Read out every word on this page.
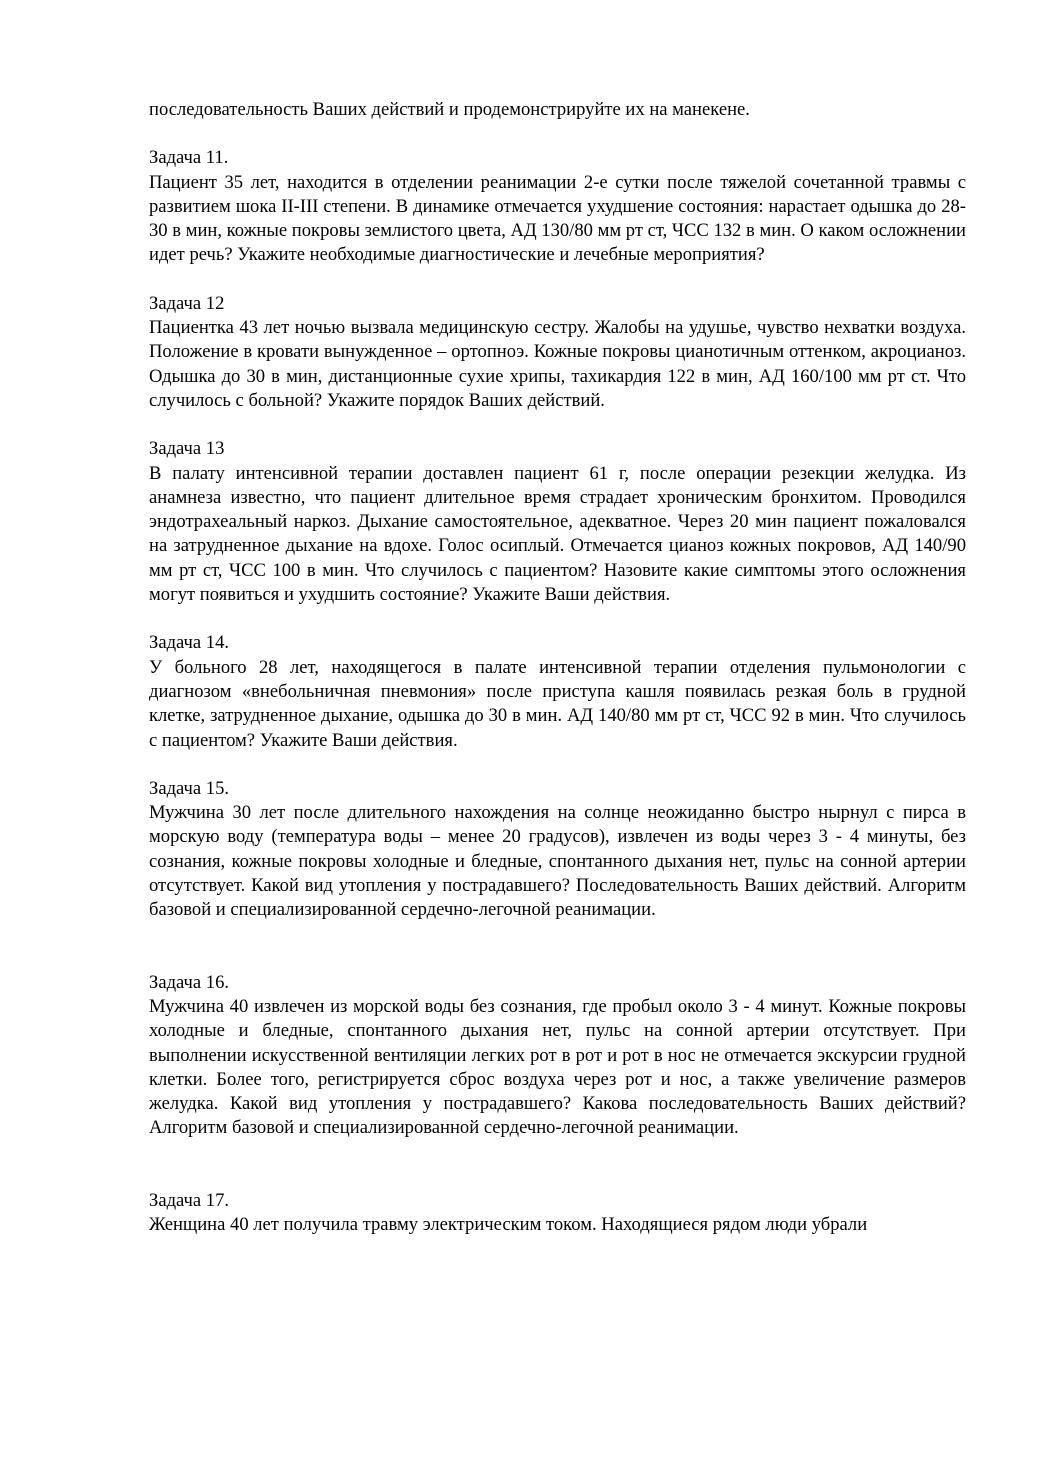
последовательность Ваших действий и продемонстрируйте их на манекене.

Задача 11.

Пациент 35 лет, находится в отделении реанимации 2-е сутки после тяжелой сочетанной травмы с развитием шока II-III степени. В динамике отмечается ухудшение состояния: нарастает одышка до 28-30 в мин, кожные покровы землистого цвета, АД 130/80 мм рт ст, ЧСС 132 в мин. О каком осложнении идет речь? Укажите необходимые диагностические и лечебные мероприятия?

Задача 12

Пациентка 43 лет ночью вызвала медицинскую сестру. Жалобы на удушье, чувство нехватки воздуха. Положение в кровати вынужденное – ортопноэ. Кожные покровы цианотичным оттенком, акроцианоз. Одышка до 30 в мин, дистанционные сухие хрипы, тахикардия 122 в мин, АД 160/100 мм рт ст. Что случилось с больной? Укажите порядок Ваших действий.

Задача 13

В палату интенсивной терапии доставлен пациент 61 г, после операции резекции желудка. Из анамнеза известно, что пациент длительное время страдает хроническим бронхитом. Проводился эндотрахеальный наркоз. Дыхание самостоятельное, адекватное. Через 20 мин пациент пожаловался на затрудненное дыхание на вдохе. Голос осиплый. Отмечается цианоз кожных покровов, АД 140/90 мм рт ст, ЧСС 100 в мин. Что случилось с пациентом? Назовите какие симптомы этого осложнения могут появиться и ухудшить состояние? Укажите Ваши действия.

Задача 14.

У больного 28 лет, находящегося в палате интенсивной терапии отделения пульмонологии с диагнозом «внебольничная пневмония» после приступа кашля появилась резкая боль в грудной клетке, затрудненное дыхание, одышка до 30 в мин. АД 140/80 мм рт ст, ЧСС 92 в мин. Что случилось с пациентом? Укажите Ваши действия.

Задача 15.

Мужчина 30 лет после длительного нахождения на солнце неожиданно быстро нырнул с пирса в морскую воду (температура воды – менее 20 градусов), извлечен из воды через 3 - 4 минуты, без сознания, кожные покровы холодные и бледные, спонтанного дыхания нет, пульс на сонной артерии отсутствует. Какой вид утопления у пострадавшего? Последовательность Ваших действий. Алгоритм базовой и специализированной сердечно-легочной реанимации.

Задача 16.

Мужчина 40 извлечен из морской воды без сознания, где пробыл около 3 - 4 минут. Кожные покровы холодные и бледные, спонтанного дыхания нет, пульс на сонной артерии отсутствует. При выполнении искусственной вентиляции легких рот в рот и рот в нос не отмечается экскурсии грудной клетки. Более того, регистрируется сброс воздуха через рот и нос, а также увеличение размеров желудка. Какой вид утопления у пострадавшего? Какова последовательность Ваших действий? Алгоритм базовой и специализированной сердечно-легочной реанимации.

Задача 17.

Женщина 40 лет получила травму электрическим током. Находящиеся рядом люди убрали
